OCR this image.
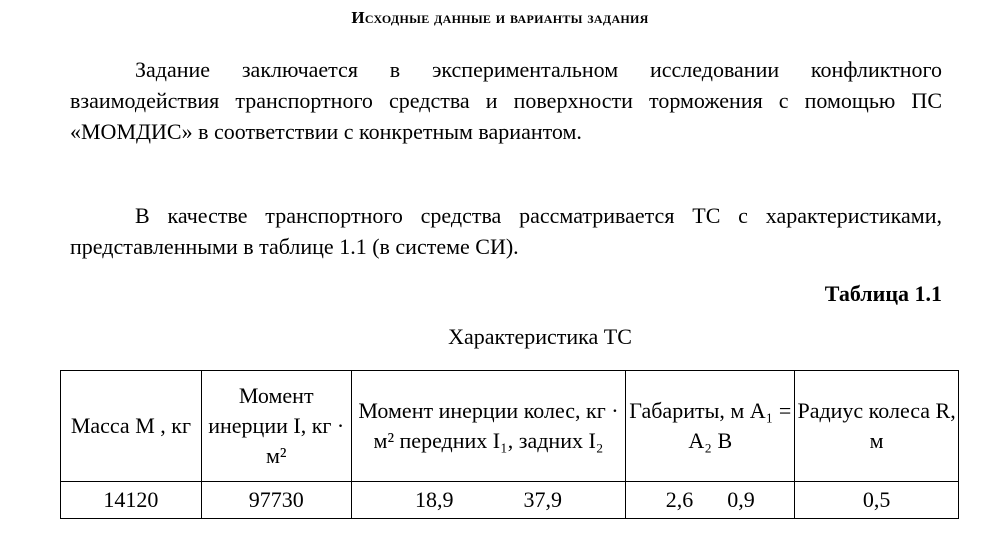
Исходные данные и варианты задания
Задание заключается в экспериментальном исследовании конфликтного взаимодействия транспортного средства и поверхности торможения с помощью ПС «МОМДИС» в соответствии с конкретным вариантом.
В качестве транспортного средства рассматривается ТС с характеристиками, представленными в таблице 1.1 (в системе СИ).
Таблица 1.1
Характеристика ТС
Масса M , кг	Момент инерции I, кг · м²	Момент инерции колес, кг · м² передних I₁, задних I₂	Габариты, м A₁ = A₂ B	Радиус колеса R, м
14120	97730	18,9 37,9	2,6 0,9	0,5
